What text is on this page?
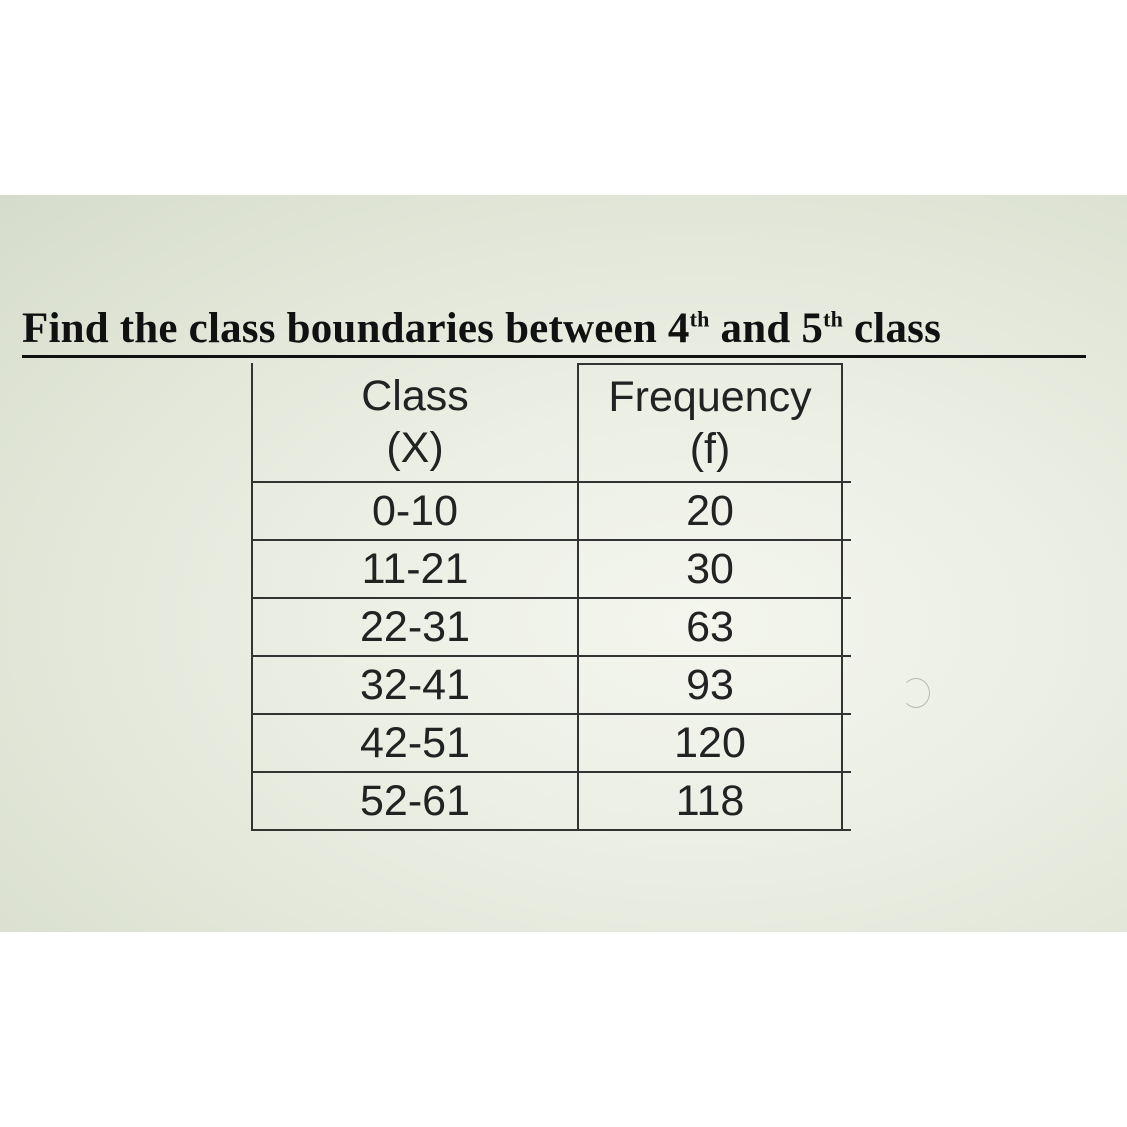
Find the class boundaries between 4th and 5th class
Class
(X)
Frequency
(f)
0-10	20
11-21	30
22-31	63
32-41	93
42-51	120
52-61	118
